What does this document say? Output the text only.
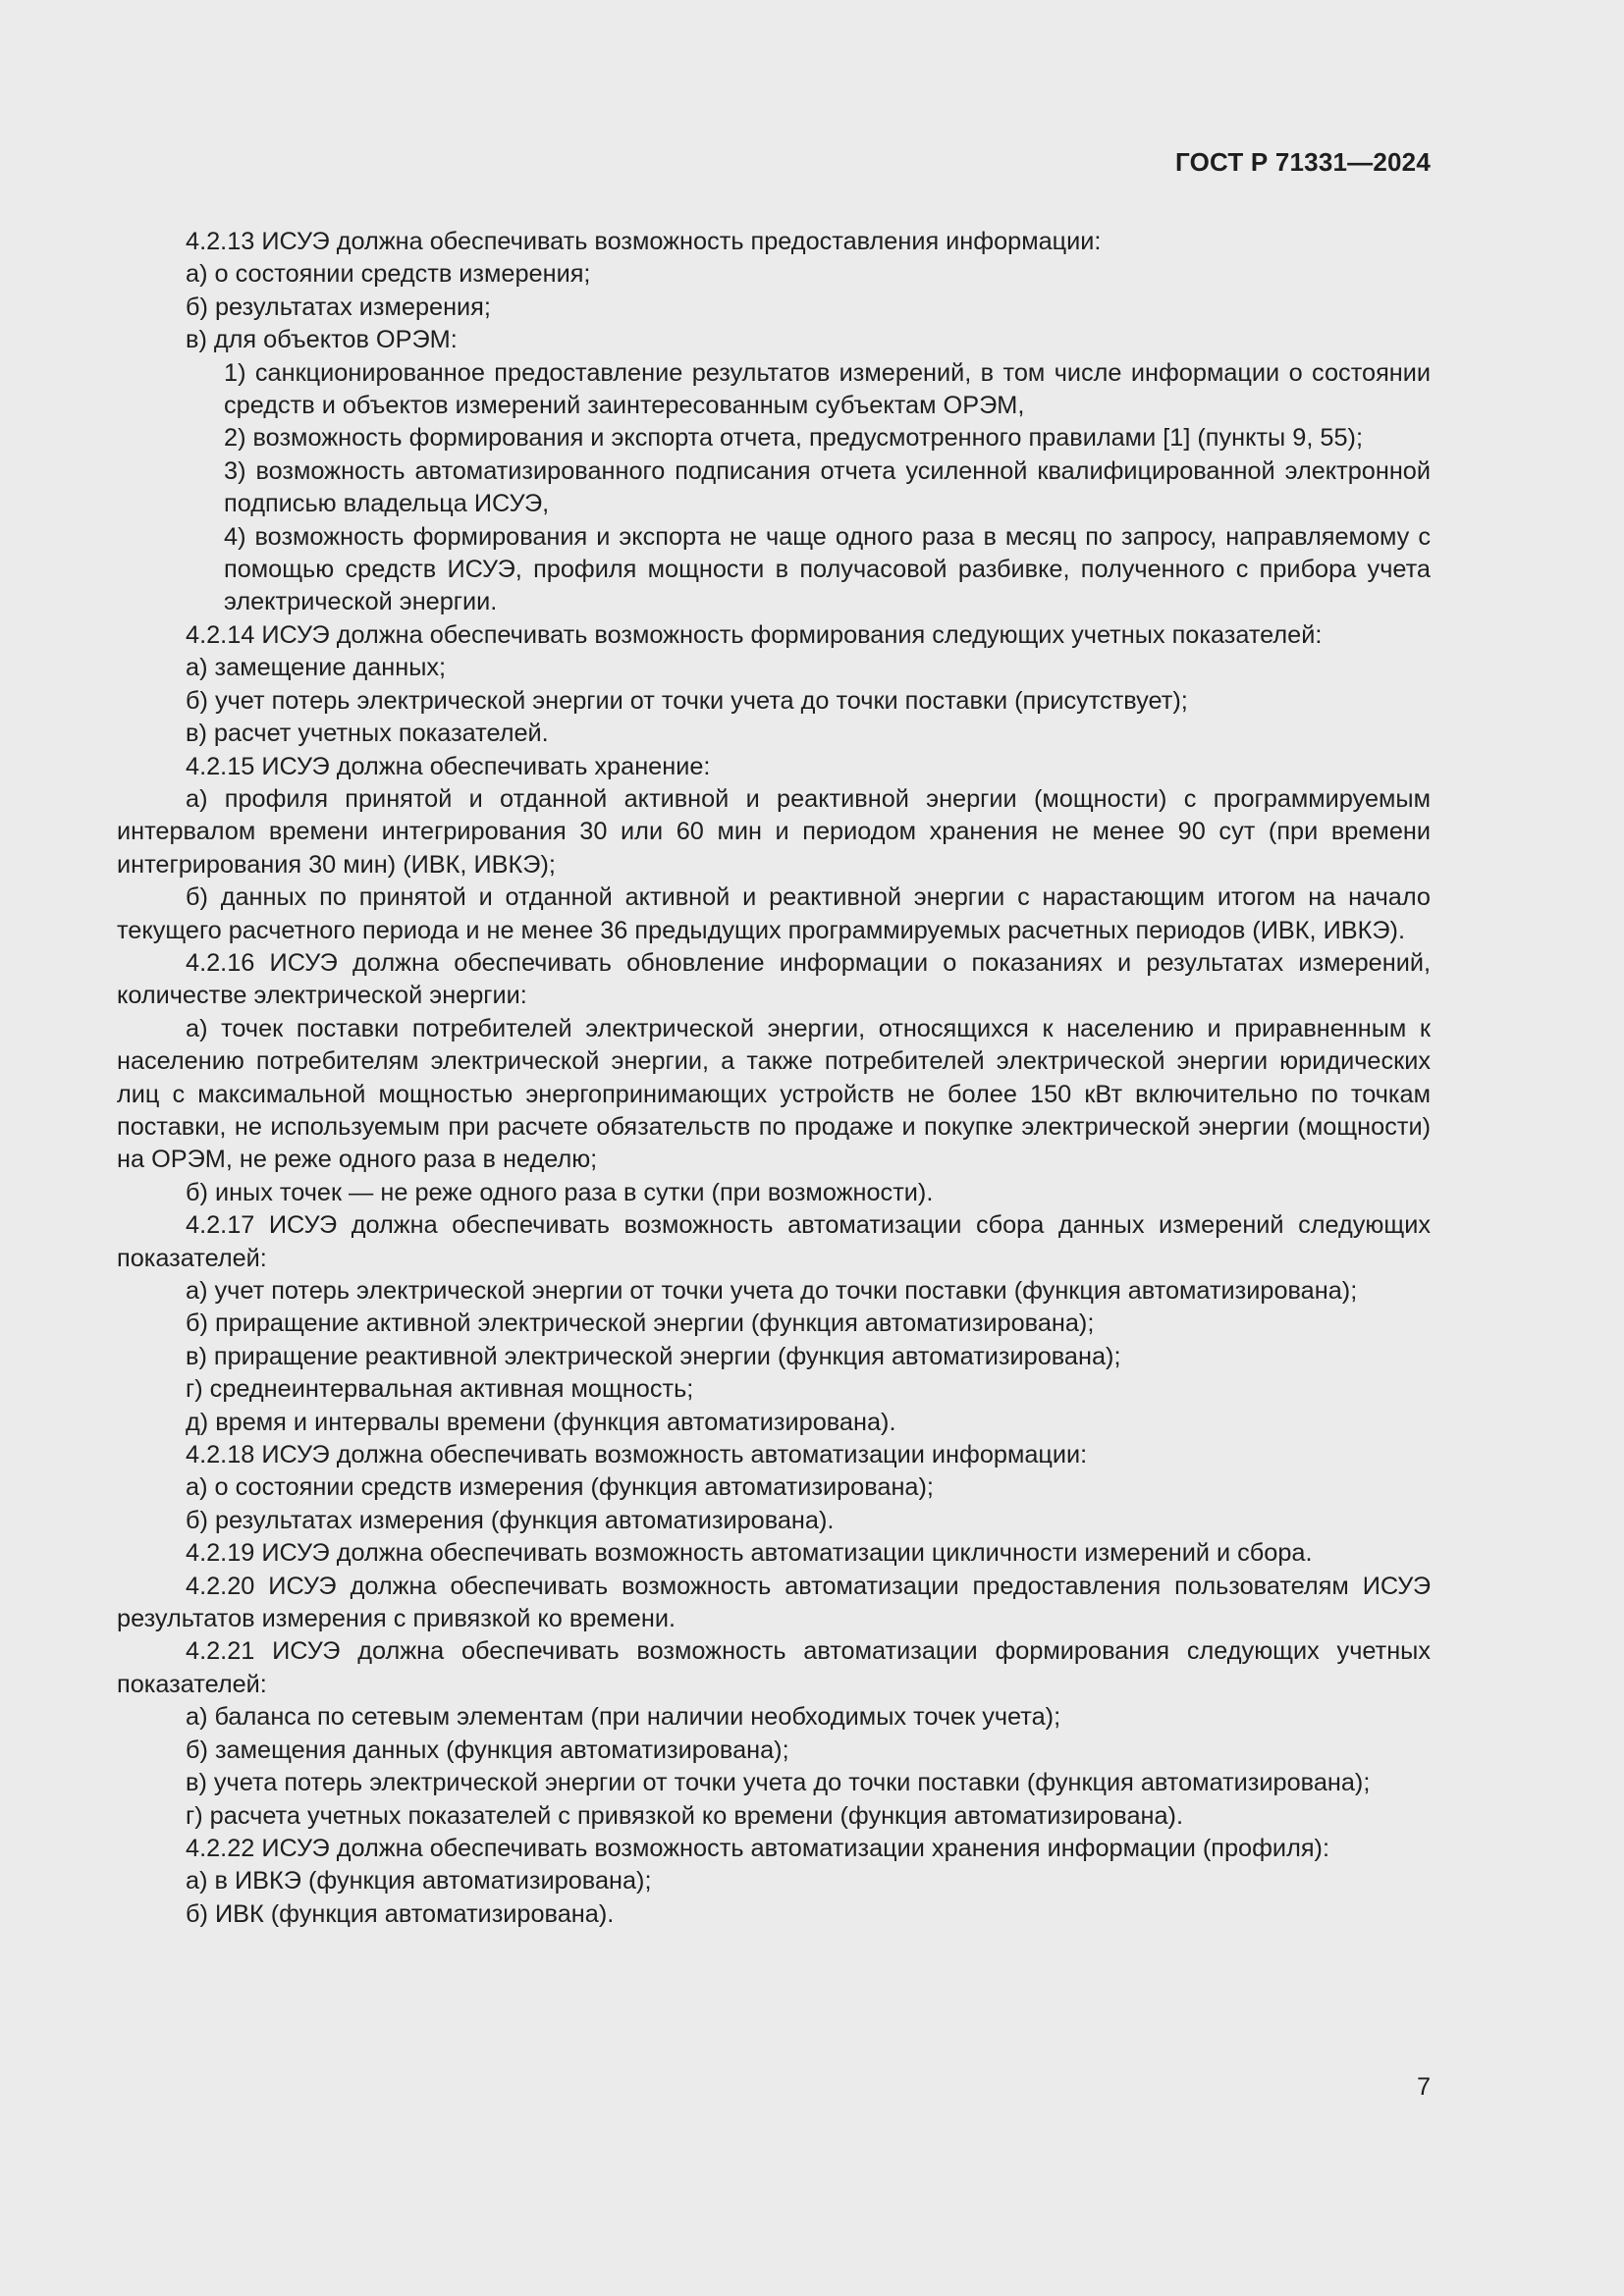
ГОСТ Р 71331—2024

4.2.13 ИСУЭ должна обеспечивать возможность предоставления информации:

а) о состоянии средств измерения;

б) результатах измерения;

в) для объектов ОРЭМ:

1) санкционированное предоставление результатов измерений, в том числе информации о состоянии средств и объектов измерений заинтересованным субъектам ОРЭМ,

2) возможность формирования и экспорта отчета, предусмотренного правилами [1] (пункты 9, 55);

3) возможность автоматизированного подписания отчета усиленной квалифицированной электронной подписью владельца ИСУЭ,

4) возможность формирования и экспорта не чаще одного раза в месяц по запросу, направляемому с помощью средств ИСУЭ, профиля мощности в получасовой разбивке, полученного с прибора учета электрической энергии.

4.2.14 ИСУЭ должна обеспечивать возможность формирования следующих учетных показателей:

а) замещение данных;

б) учет потерь электрической энергии от точки учета до точки поставки (присутствует);

в) расчет учетных показателей.

4.2.15 ИСУЭ должна обеспечивать хранение:

а) профиля принятой и отданной активной и реактивной энергии (мощности) с программируемым интервалом времени интегрирования 30 или 60 мин и периодом хранения не менее 90 сут (при времени интегрирования 30 мин) (ИВК, ИВКЭ);

б) данных по принятой и отданной активной и реактивной энергии с нарастающим итогом на начало текущего расчетного периода и не менее 36 предыдущих программируемых расчетных периодов (ИВК, ИВКЭ).

4.2.16 ИСУЭ должна обеспечивать обновление информации о показаниях и результатах измерений, количестве электрической энергии:

а) точек поставки потребителей электрической энергии, относящихся к населению и приравненным к населению потребителям электрической энергии, а также потребителей электрической энергии юридических лиц с максимальной мощностью энергопринимающих устройств не более 150 кВт включительно по точкам поставки, не используемым при расчете обязательств по продаже и покупке электрической энергии (мощности) на ОРЭМ, не реже одного раза в неделю;

б) иных точек — не реже одного раза в сутки (при возможности).

4.2.17 ИСУЭ должна обеспечивать возможность автоматизации сбора данных измерений следующих показателей:

а) учет потерь электрической энергии от точки учета до точки поставки (функция автоматизирована);

б) приращение активной электрической энергии (функция автоматизирована);

в) приращение реактивной электрической энергии (функция автоматизирована);

г) среднеинтервальная активная мощность;

д) время и интервалы времени (функция автоматизирована).

4.2.18 ИСУЭ должна обеспечивать возможность автоматизации информации:

а) о состоянии средств измерения (функция автоматизирована);

б) результатах измерения (функция автоматизирована).

4.2.19 ИСУЭ должна обеспечивать возможность автоматизации цикличности измерений и сбора.

4.2.20 ИСУЭ должна обеспечивать возможность автоматизации предоставления пользователям ИСУЭ результатов измерения с привязкой ко времени.

4.2.21 ИСУЭ должна обеспечивать возможность автоматизации формирования следующих учетных показателей:

а) баланса по сетевым элементам (при наличии необходимых точек учета);

б) замещения данных (функция автоматизирована);

в) учета потерь электрической энергии от точки учета до точки поставки (функция автоматизирована);

г) расчета учетных показателей с привязкой ко времени (функция автоматизирована).

4.2.22 ИСУЭ должна обеспечивать возможность автоматизации хранения информации (профиля):

а) в ИВКЭ (функция автоматизирована);

б) ИВК (функция автоматизирована).

7
